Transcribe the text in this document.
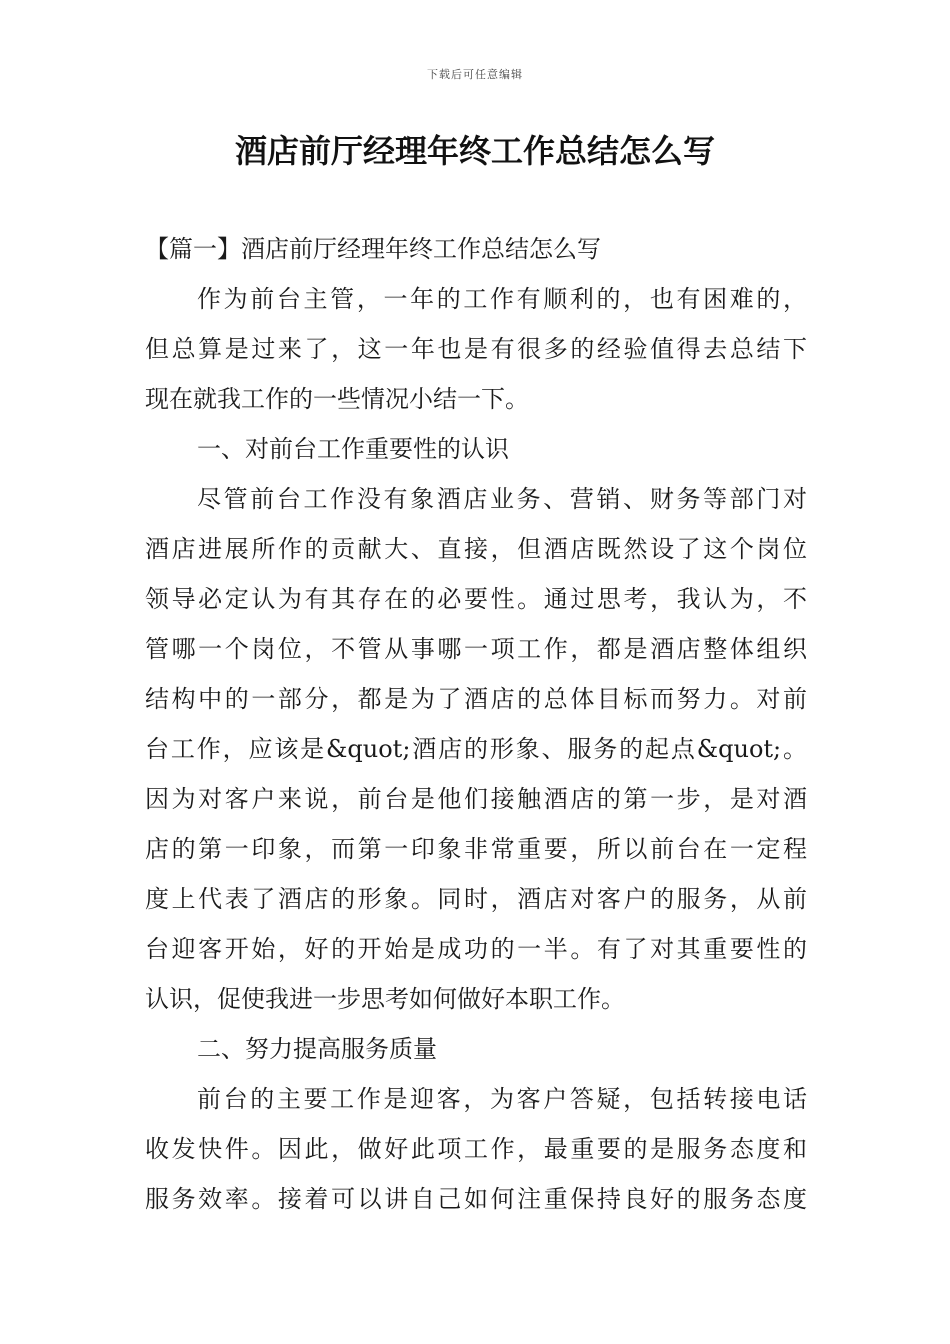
下载后可任意编辑
酒店前厅经理年终工作总结怎么写
【篇一】酒店前厅经理年终工作总结怎么写
作为前台主管，一年的工作有顺利的，也有困难的，
但总算是过来了，这一年也是有很多的经验值得去总结下
现在就我工作的一些情况小结一下。
一、对前台工作重要性的认识
尽管前台工作没有象酒店业务、营销、财务等部门对
酒店进展所作的贡献大、直接，但酒店既然设了这个岗位
领导必定认为有其存在的必要性。通过思考，我认为，不
管哪一个岗位，不管从事哪一项工作，都是酒店整体组织
结构中的一部分，都是为了酒店的总体目标而努力。对前
台工作，应该是&quot;酒店的形象、服务的起点&quot;。
因为对客户来说，前台是他们接触酒店的第一步，是对酒
店的第一印象，而第一印象非常重要，所以前台在一定程
度上代表了酒店的形象。同时，酒店对客户的服务，从前
台迎客开始，好的开始是成功的一半。有了对其重要性的
认识，促使我进一步思考如何做好本职工作。
二、努力提高服务质量
前台的主要工作是迎客，为客户答疑，包括转接电话
收发快件。因此，做好此项工作，最重要的是服务态度和
服务效率。接着可以讲自己如何注重保持良好的服务态度
